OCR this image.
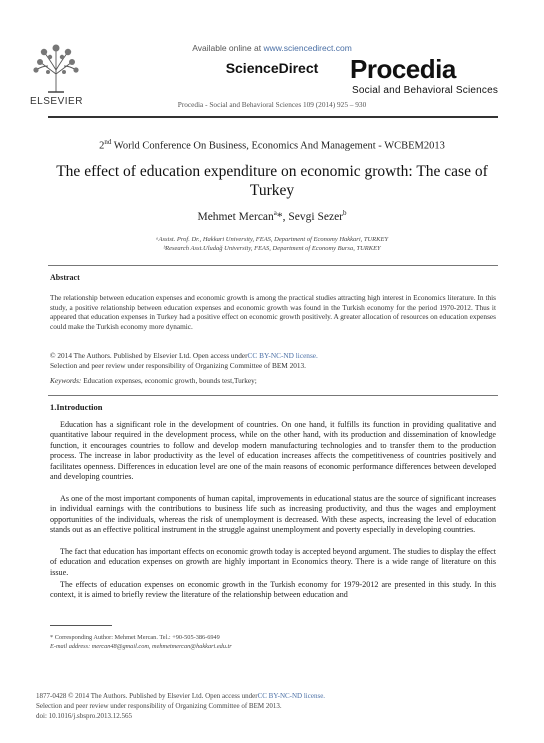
ELSEVIER
Available online at www.sciencedirect.com
ScienceDirect
Procedia - Social and Behavioral Sciences 109 (2014) 925 – 930
Procedia
Social and Behavioral Sciences
2nd World Conference On Business, Economics And Management - WCBEM2013
The effect of education expenditure on economic growth: The case of Turkey
Mehmet Mercan$^a$*, Sevgi Sezer$^b$
ᵃAssist. Prof. Dr., Hakkari University, FEAS, Department of Economy Hakkari, TURKEY
ᵇResearch Asst.Uludağ University, FEAS, Department of Economy Bursa, TURKEY
Abstract
The relationship between education expenses and economic growth is among the practical studies attracting high interest in Economics literature. In this study, a positive relationship between education expenses and economic growth was found in the Turkish economy for the period 1970-2012. Thus it appeared that education expenses in Turkey had a positive effect on economic growth positively. A greater allocation of resources on education expenses could make the Turkish economy more dynamic.
© 2014 The Authors. Published by Elsevier Ltd. Open access underCC BY-NC-ND license.
Selection and peer review under responsibility of Organizing Committee of BEM 2013.
Keywords: Education expenses, economic growth, bounds test,Turkey;
1.Introduction
Education has a significant role in the development of countries. On one hand, it fulfills its function in providing qualitative and quantitative labour required in the development process, while on the other hand, with its production and dissemination of knowledge function, it encourages countries to follow and develop modern manufacturing technologies and to transfer them to the production process. The increase in labor productivity as the level of education increases affects the competitiveness of countries positively and facilitates openness. Differences in education level are one of the main reasons of economic performance differences between developed and developing countries.
As one of the most important components of human capital, improvements in educational status are the source of significant increases in individual earnings with the contributions to business life such as increasing productivity, and thus the wages and employment opportunities of the individuals, whereas the risk of unemployment is decreased. With these aspects, increasing the level of education stands out as an effective political instrument in the struggle against unemployment and poverty especially in developing countries.
The fact that education has important effects on economic growth today is accepted beyond argument. The studies to display the effect of education and education expenses on growth are highly important in Economics theory. There is a wide range of literature on this issue.
The effects of education expenses on economic growth in the Turkish economy for 1979-2012 are presented in this study. In this context, it is aimed to briefly review the literature of the relationship between education and
* Corresponding Author: Mehmet Mercan. Tel.: +90-505-386-6949
E-mail address: mercan48@gmail.com, mehmetmercan@hakkari.edu.tr
1877-0428 © 2014 The Authors. Published by Elsevier Ltd. Open access underCC BY-NC-ND license.
Selection and peer review under responsibility of Organizing Committee of BEM 2013.
doi: 10.1016/j.sbspro.2013.12.565
